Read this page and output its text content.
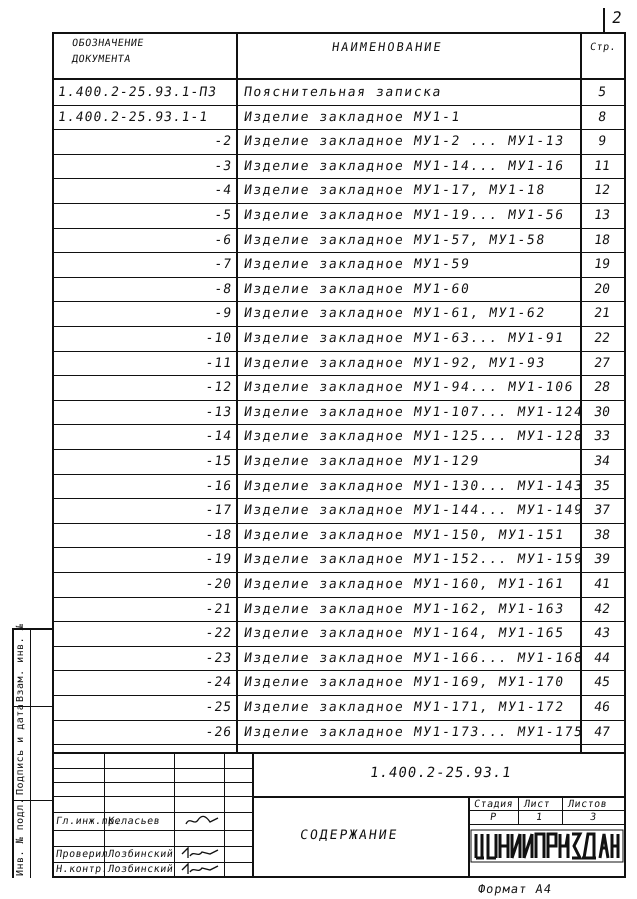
2
ОБОЗНАЧЕНИЕ
ДОКУМЕНТА
НАИМЕНОВАНИЕ	Стр.
1.400.2-25.93.1-ПЗ	Пояснительная записка	5
1.400.2-25.93.1-1	Изделие закладное МУ1-1	8
-2 Изделие закладное МУ1-2 ... МУ1-13	9
-3 Изделие закладное МУ1-14... МУ1-16	11
-4 Изделие закладное МУ1-17, МУ1-18	12
-5 Изделие закладное МУ1-19... МУ1-56	13
-6 Изделие закладное МУ1-57, МУ1-58	18
-7 Изделие закладное МУ1-59	19
-8 Изделие закладное МУ1-60	20
-9 Изделие закладное МУ1-61, МУ1-62	21
-10 Изделие закладное МУ1-63... МУ1-91	22
-11 Изделие закладное МУ1-92, МУ1-93	27
-12 Изделие закладное МУ1-94... МУ1-106	28
-13 Изделие закладное МУ1-107... МУ1-124 30
-14 Изделие закладное МУ1-125... МУ1-128 33
-15 Изделие закладное МУ1-129	34
-16 Изделие закладное МУ1-130... МУ1-143 35
-17 Изделие закладное МУ1-144... МУ1-149 37
-18 Изделие закладное МУ1-150, МУ1-151	38
-19 Изделие закладное МУ1-152... МУ1-159 39
-20 Изделие закладное МУ1-160, МУ1-161	41
-21 Изделие закладное МУ1-162, МУ1-163	42
-22 Изделие закладное МУ1-164, МУ1-165	43
-23 Изделие закладное МУ1-166... МУ1-168 44
-24 Изделие закладное МУ1-169, МУ1-170	45
-25 Изделие закладное МУ1-171, МУ1-172	46
-26 Изделие закладное МУ1-173... МУ1-175 47
Взам. инв. №
Подпись и дата
Инв. № подл.
1.400.2-25.93.1
Гл.инж.пр.
Келасьев
Проверил
Лозбинский
Н.контр.
Лозбинский
СОДЕРЖАНИЕ
Стадия Лист Листов
Р	1	3
Формат А4
